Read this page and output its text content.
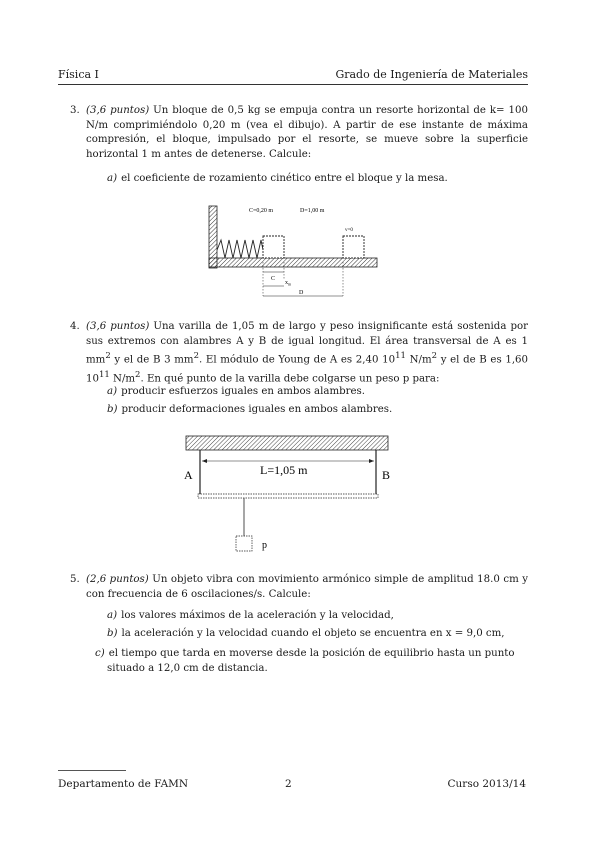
Física I	Grado de Ingeniería de Materiales
3. (3,6 puntos) Un bloque de 0,5 kg se empuja contra un resorte horizontal de k= 100 N/m comprimiéndolo 0,20 m (vea el dibujo). A partir de ese instante de máxima compresión, el bloque, impulsado por el resorte, se mueve sobre la superficie horizontal 1 m antes de detenerse. Calcule:
a) el coeficiente de rozamiento cinético entre el bloque y la mesa.
C=0,20 m	D=1,00 m
v=0
C
$x_m$
D
4. (3,6 puntos) Una varilla de 1,05 m de largo y peso insignificante está sostenida por sus extremos con alambres A y B de igual longitud. El área transversal de A es 1 $mm^2$ y el de B 3 $mm^2$. El módulo de Young de A es 2,40 $10^{11}$ $N/m^2$ y el de B es 1,60 $10^{11}$ $N/m^2$. En qué punto de la varilla debe colgarse un peso p para:
a) producir esfuerzos iguales en ambos alambres.
b) producir deformaciones iguales en ambos alambres.
L=1,05 m
A	B
p
5. (2,6 puntos) Un objeto vibra con movimiento armónico simple de amplitud 18.0 cm y con frecuencia de 6 oscilaciones/s. Calcule:
a) los valores máximos de la aceleración y la velocidad,
b) la aceleración y la velocidad cuando el objeto se encuentra en x = 9,0 cm,
c) el tiempo que tarda en moverse desde la posición de equilibrio hasta un punto situado a 12,0 cm de distancia.
Departamento de FAMN	2	Curso 2013/14
